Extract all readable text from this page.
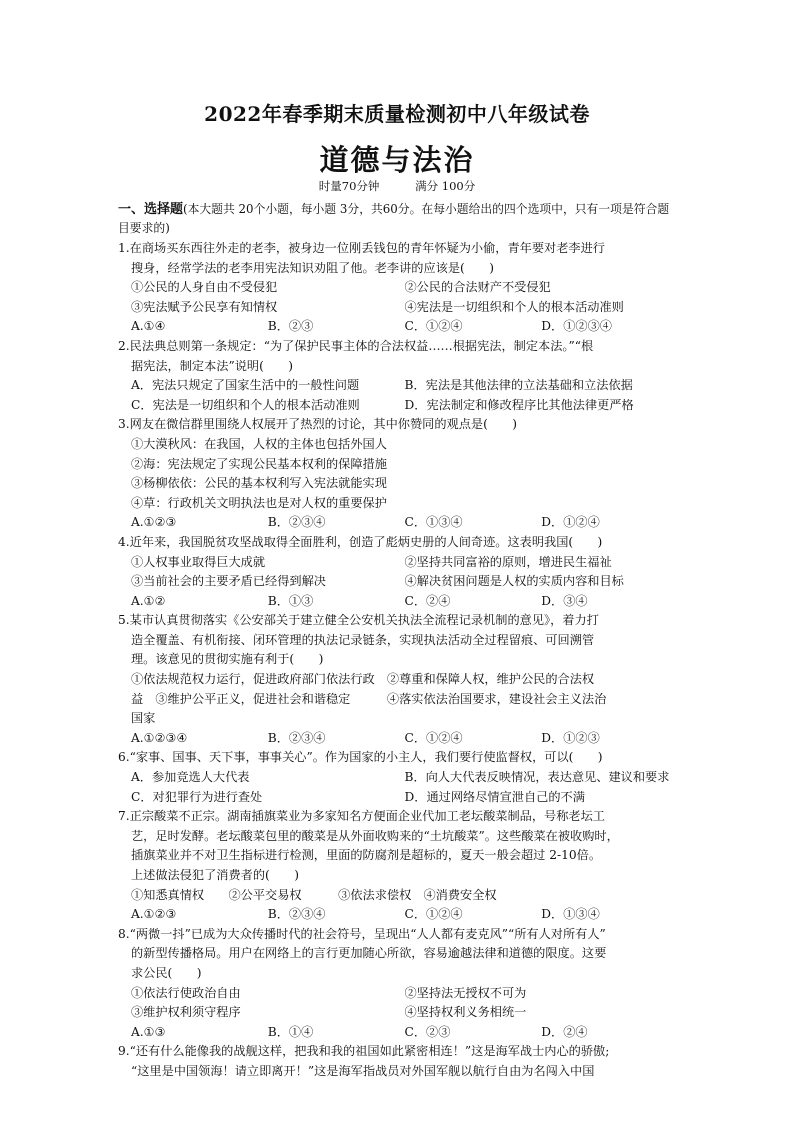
2022年春季期末质量检测初中八年级试卷
道德与法治
时量70分钟	满分 100分
一、选择题(本大题共 20个小题，每小题 3分，共60分。在每小题给出的四个选项中，只有一项是符合题目要求的)
1.在商场买东西往外走的老李，被身边一位刚丢钱包的青年怀疑为小偷，青年要对老李进行
搜身，经常学法的老李用宪法知识劝阻了他。老李讲的应该是(　　)
①公民的人身自由不受侵犯	②公民的合法财产不受侵犯
③宪法赋予公民享有知情权	④宪法是一切组织和个人的根本活动准则
A.①④	B．②③	C．①②④	D．①②③④
2.民法典总则第一条规定：“为了保护民事主体的合法权益……根据宪法，制定本法。”“根
据宪法，制定本法”说明(　　)
A．宪法只规定了国家生活中的一般性问题	B．宪法是其他法律的立法基础和立法依据
C．宪法是一切组织和个人的根本活动准则	D．宪法制定和修改程序比其他法律更严格
3.网友在微信群里围绕人权展开了热烈的讨论，其中你赞同的观点是(　　)
①大漠秋风：在我国，人权的主体也包括外国人
②海：宪法规定了实现公民基本权利的保障措施
③杨柳依依：公民的基本权利写入宪法就能实现
④草：行政机关文明执法也是对人权的重要保护
A.①②③	B．②③④	C．①③④	D．①②④
4.近年来，我国脱贫攻坚战取得全面胜利，创造了彪炳史册的人间奇迹。这表明我国(　　)
①人权事业取得巨大成就	②坚持共同富裕的原则，增进民生福祉
③当前社会的主要矛盾已经得到解决	④解决贫困问题是人权的实质内容和目标
A.①②	B．①③	C．②④	D．③④
5.某市认真贯彻落实《公安部关于建立健全公安机关执法全流程记录机制的意见》，着力打
造全覆盖、有机衔接、闭环管理的执法记录链条，实现执法活动全过程留痕、可回溯管
理。该意见的贯彻实施有利于(　　)
①依法规范权力运行，促进政府部门依法行政　②尊重和保障人权，维护公民的合法权
益　③维护公平正义，促进社会和谐稳定　　　④落实依法治国要求，建设社会主义法治
国家
A.①②③④	B．②③④	C．①②④	D．①②③
6.“家事、国事、天下事，事事关心”。作为国家的小主人，我们要行使监督权，可以(　　)
A．参加竞选人大代表	B．向人大代表反映情况，表达意见、建议和要求
C．对犯罪行为进行查处	D．通过网络尽情宣泄自己的不满
7.正宗酸菜不正宗。湖南插旗菜业为多家知名方便面企业代加工老坛酸菜制品，号称老坛工
艺，足时发酵。老坛酸菜包里的酸菜是从外面收购来的“土坑酸菜”。这些酸菜在被收购时，
插旗菜业并不对卫生指标进行检测，里面的防腐剂是超标的，夏天一般会超过 2-10倍。
上述做法侵犯了消费者的(　　)
①知悉真情权　　②公平交易权　　　③依法求偿权　④消费安全权
A.①②③	B．②③④	C．①②④	D．①③④
8.“两微一抖”已成为大众传播时代的社会符号，呈现出“人人都有麦克风”“所有人对所有人”
的新型传播格局。用户在网络上的言行更加随心所欲，容易逾越法律和道德的限度。这要
求公民(　　)
①依法行使政治自由	②坚持法无授权不可为
③维护权利须守程序	④坚持权利义务相统一
A.①③	B．①④	C．②③	D．②④
9.“还有什么能像我的战舰这样，把我和我的祖国如此紧密相连！”这是海军战士内心的骄傲;
“这里是中国领海！请立即离开！”这是海军指战员对外国军舰以航行自由为名闯入中国
